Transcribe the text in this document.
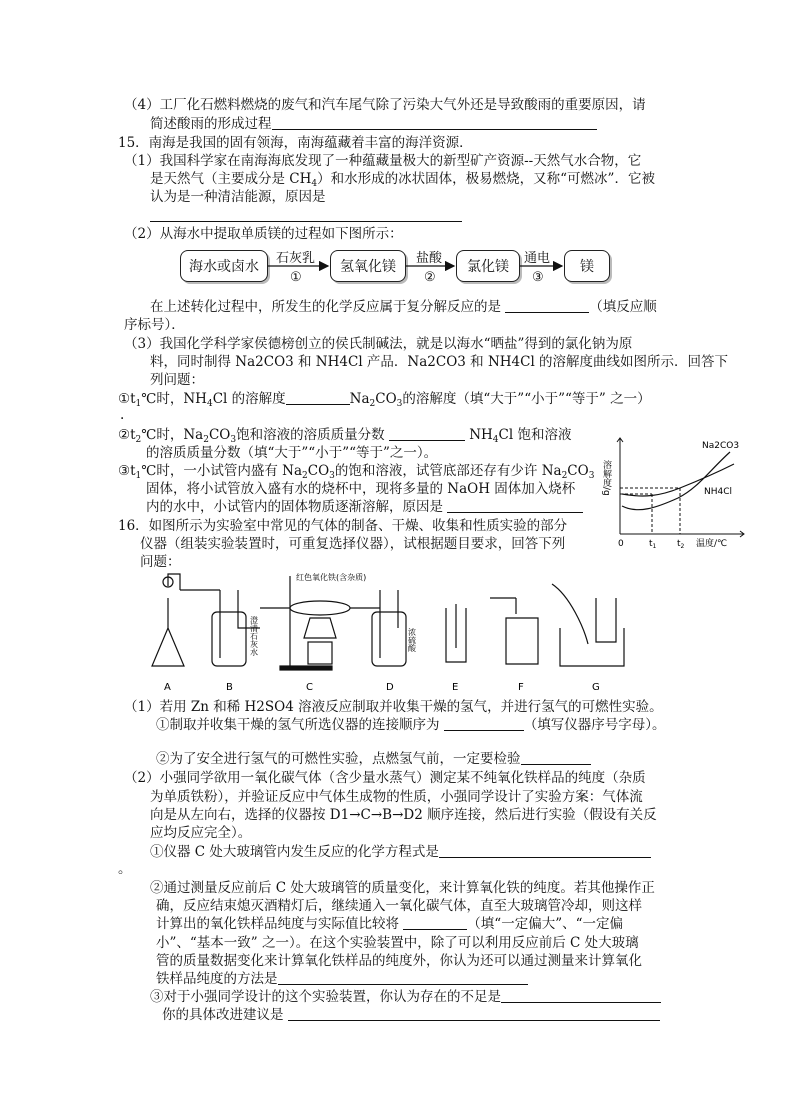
（4）工厂化石燃料燃烧的废气和汽车尾气除了污染大气外还是导致酸雨的重要原因，请
简述酸雨的形成过程
15．南海是我国的固有领海，南海蕴藏着丰富的海洋资源．
（1）我国科学家在南海海底发现了一种蕴藏量极大的新型矿产资源--天然气水合物，它
是天然气（主要成分是 $CH_4$）和水形成的冰状固体，极易燃烧，又称“可燃冰”．它被
认为是一种清洁能源，原因是
（2）从海水中提取单质镁的过程如下图所示：
海水或卤水	氢氧化镁	氯化镁	镁
石灰乳	盐酸	通电
①	②	③
在上述转化过程中，所发生的化学反应属于复分解反应的是	（填反应顺
序标号）．
（3）我国化学科学家侯德榜创立的侯氏制碱法，就是以海水“晒盐”得到的氯化钠为原
料，同时制得 Na2CO3 和 NH4Cl 产品．Na2CO3 和 NH4Cl 的溶解度曲线如图所示．回答下
列问题：
$①t_1℃$时，$NH_4Cl$ 的溶解度	$Na_2CO_3$的溶解度（填“大于”“小于”“等于” 之一）
.
$②t_2℃$时，$Na_2CO_3$饱和溶液的溶质质量分数	$NH_4Cl$ 饱和溶液
的溶质质量分数（填“大于”“小于”“等于”之一）。
$③t_1℃$时，一小试管内盛有 $Na_2CO_3$的饱和溶液，试管底部还存有少许 $Na_2CO_3$
固体，将小试管放入盛有水的烧杯中，现将多量的 NaOH 固体加入烧杯
内的水中，小试管内的固体物质逐渐溶解，原因是
溶解度/g
0	$t_1$ $t_2$ 温度/℃
Na2CO3
NH4Cl
16．如图所示为实验室中常见的气体的制备、干燥、收集和性质实验的部分
仪器（组装实验装置时，可重复选择仪器），试根据题目要求，回答下列
问题：
A	B	C	D	E	F	G
澄清石灰水
红色氧化铁(含杂质)
浓硫酸
（1）若用 Zn 和稀 H2SO4 溶液反应制取并收集干燥的氢气，并进行氢气的可燃性实验。
①制取并收集干燥的氢气所选仪器的连接顺序为	（填写仪器序号字母）。
②为了安全进行氢气的可燃性实验，点燃氢气前，一定要检验
（2）小强同学欲用一氧化碳气体（含少量水蒸气）测定某不纯氧化铁样品的纯度（杂质
为单质铁粉），并验证反应中气体生成物的性质，小强同学设计了实验方案：气体流
向是从左向右，选择的仪器按 D1→C→B→D2 顺序连接，然后进行实验（假设有关反
应均反应完全）。
①仪器 C 处大玻璃管内发生反应的化学方程式是
。
②通过测量反应前后 C 处大玻璃管的质量变化，来计算氧化铁的纯度。若其他操作正
确，反应结束熄灭酒精灯后，继续通入一氧化碳气体，直至大玻璃管冷却，则这样
计算出的氧化铁样品纯度与实际值比较将	（填“一定偏大”、“一定偏
小”、“基本一致” 之一）。在这个实验装置中，除了可以利用反应前后 C 处大玻璃
管的质量数据变化来计算氧化铁样品的纯度外，你认为还可以通过测量来计算氧化
铁样品纯度的方法是
③对于小强同学设计的这个实验装置，你认为存在的不足是
你的具体改进建议是
